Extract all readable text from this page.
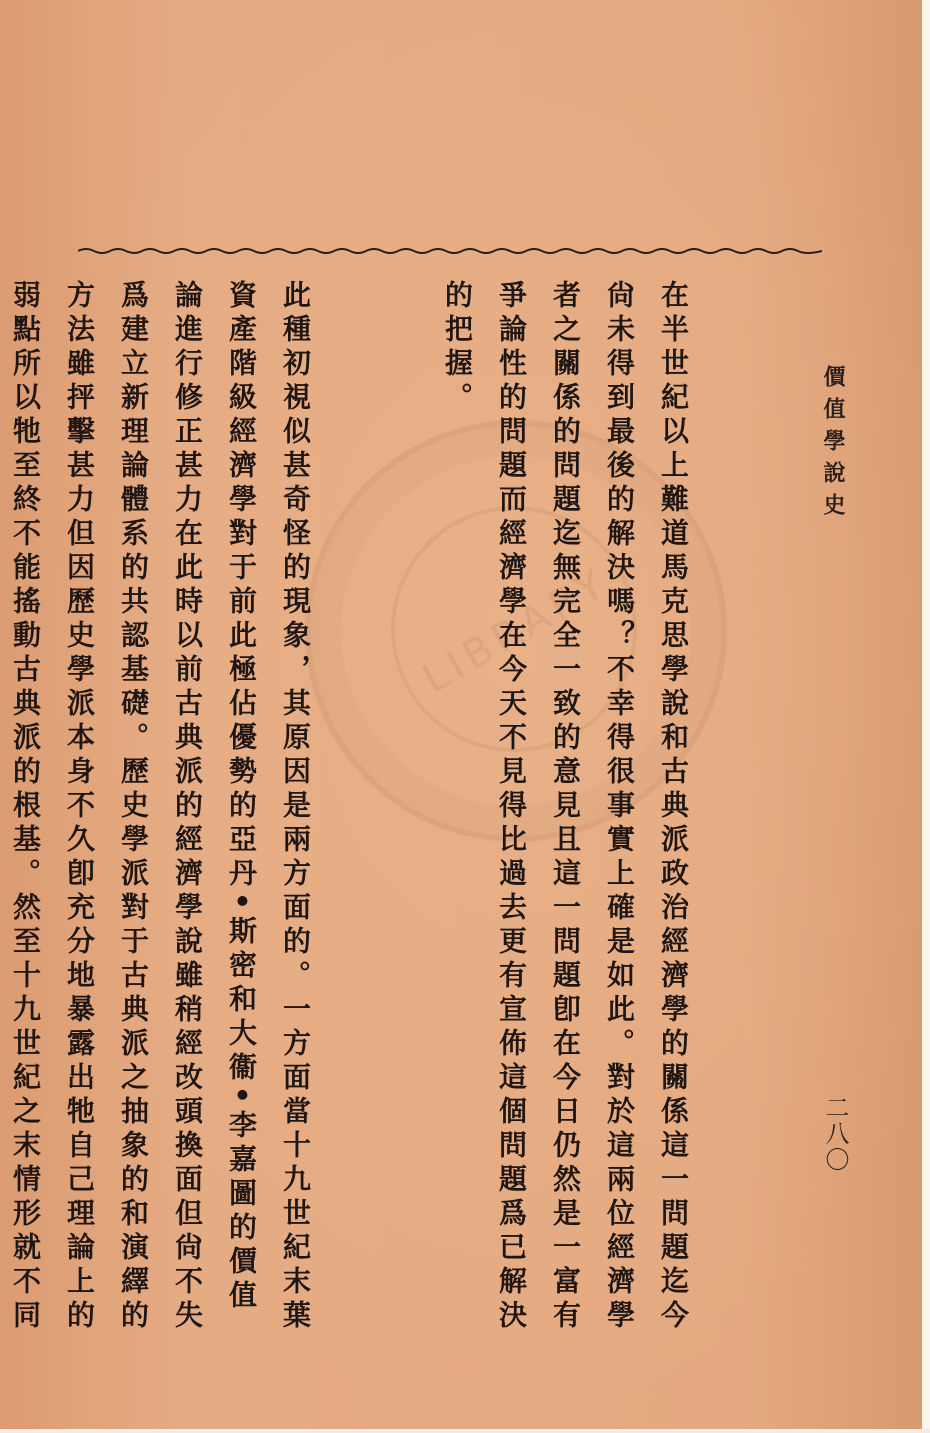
LIBRARY
價值學說史
二八〇

在半世紀以上難道馬克思學說和古典派政治經濟學的關係這一問題迄今尙未得到最後的解決嗎？不幸得很事實上確是如此。對於這兩位經濟學者之關係的問題迄無完全一致的意見且這一問題卽在今日仍然是一富有爭論性的問題而經濟學在今天不見得比過去更有宣佈這個問題爲已解決的把握。

此種初視似甚奇怪的現象，其原因是兩方面的。一方面當十九世紀末葉資產階級經濟學對于前此極佔優勢的亞丹•斯密和大衞•李嘉圖的價值論進行修正甚力在此時以前古典派的經濟學說雖稍經改頭換面但尙不失爲建立新理論體系的共認基礎。歷史學派對于古典派之抽象的和演繹的方法雖抨擊甚力但因歷史學派本身不久卽充分地暴露出牠自己理論上的弱點所以牠至終不能搖動古典派的根基。然至十九世紀之末情形就不同
